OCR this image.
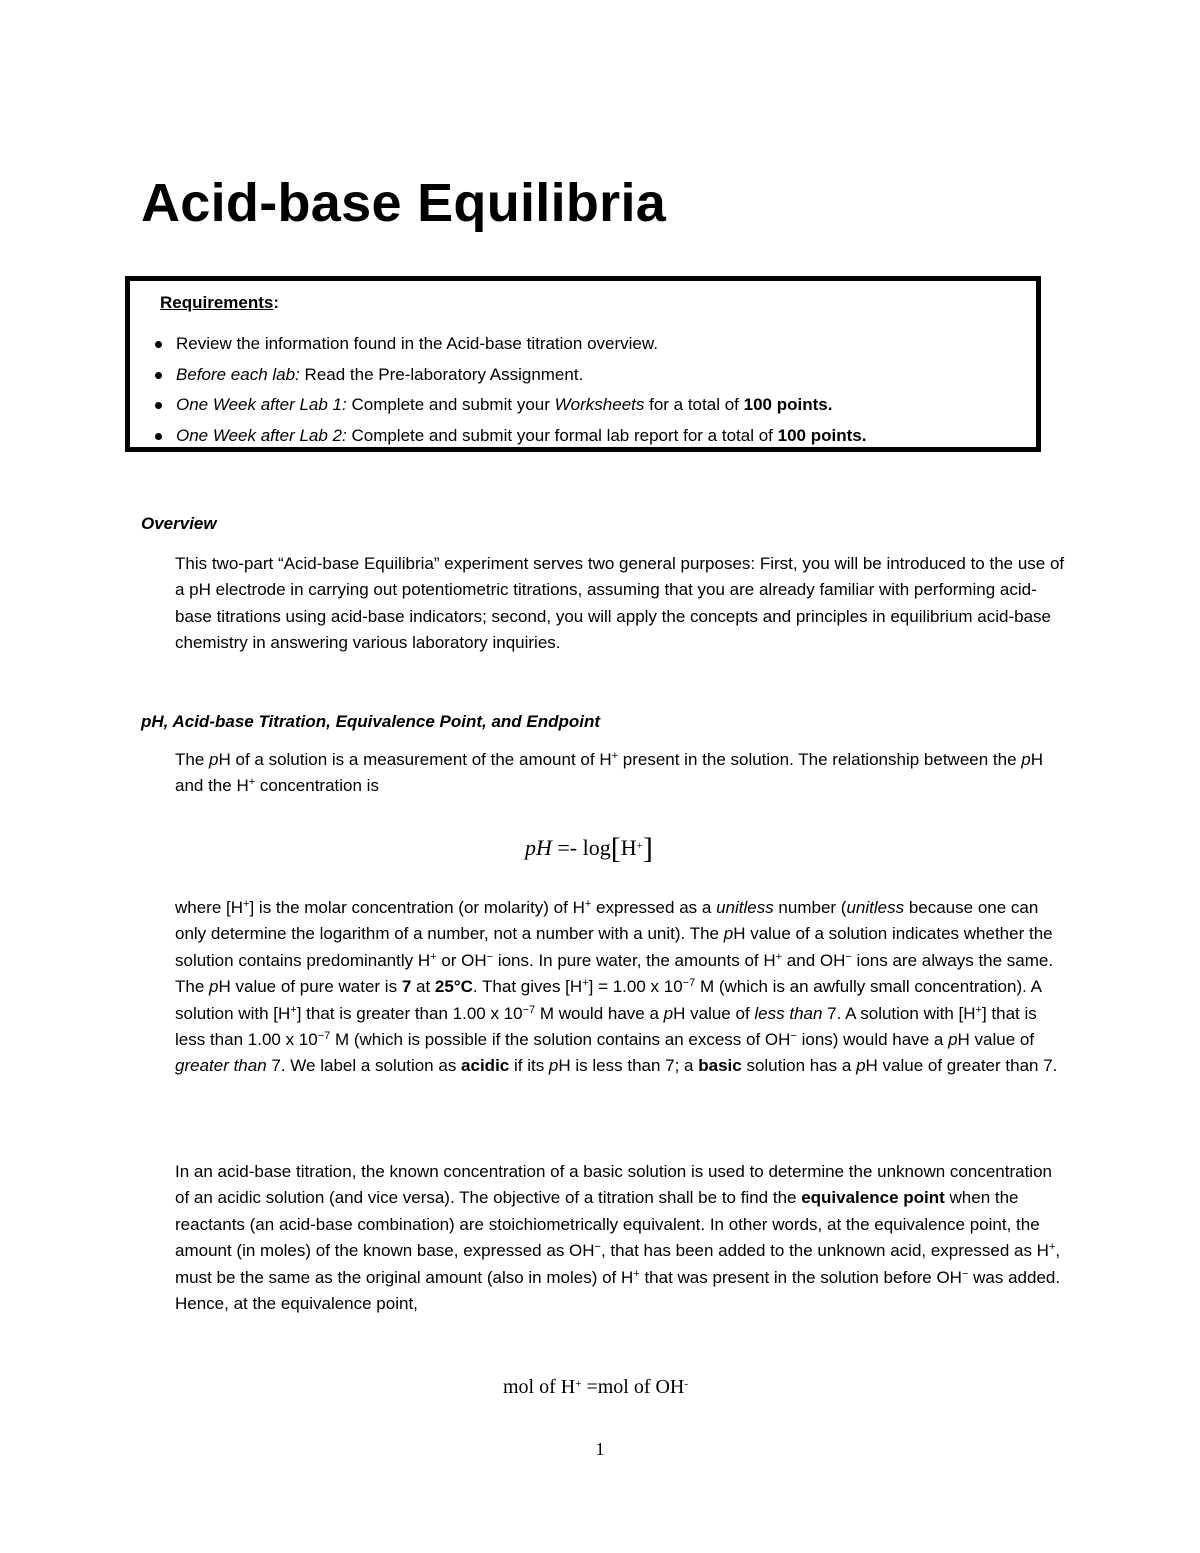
Acid-base Equilibria
Requirements:
Review the information found in the Acid-base titration overview.
Before each lab: Read the Pre-laboratory Assignment.
One Week after Lab 1: Complete and submit your Worksheets for a total of 100 points.
One Week after Lab 2: Complete and submit your formal lab report for a total of 100 points.
Overview

This two-part “Acid-base Equilibria” experiment serves two general purposes: First, you will be introduced to the use of a pH electrode in carrying out potentiometric titrations, assuming that you are already familiar with performing acid-base titrations using acid-base indicators; second, you will apply the concepts and principles in equilibrium acid-base chemistry in answering various laboratory inquiries.

pH, Acid-base Titration, Equivalence Point, and Endpoint

The pH of a solution is a measurement of the amount of H+ present in the solution. The relationship between the pH and the H+ concentration is

pH =- log[H+]

where [H+] is the molar concentration (or molarity) of H+ expressed as a unitless number (unitless because one can only determine the logarithm of a number, not a number with a unit). The pH value of a solution indicates whether the solution contains predominantly H+ or OH− ions. In pure water, the amounts of H+ and OH− ions are always the same. The pH value of pure water is 7 at 25°C. That gives [H+] = 1.00 x $10^{-7}$ M (which is an awfully small concentration). A solution with [H+] that is greater than 1.00 x $10^{-7}$ M would have a pH value of less than 7. A solution with [H+] that is less than 1.00 x $10^{-7}$ M (which is possible if the solution contains an excess of OH− ions) would have a pH value of greater than 7. We label a solution as acidic if its pH is less than 7; a basic solution has a pH value of greater than 7.

In an acid-base titration, the known concentration of a basic solution is used to determine the unknown concentration of an acidic solution (and vice versa). The objective of a titration shall be to find the equivalence point when the reactants (an acid-base combination) are stoichiometrically equivalent. In other words, at the equivalence point, the amount (in moles) of the known base, expressed as OH−, that has been added to the unknown acid, expressed as H+, must be the same as the original amount (also in moles) of H+ that was present in the solution before OH− was added. Hence, at the equivalence point,

mol of H+ =mol of OH-

1
